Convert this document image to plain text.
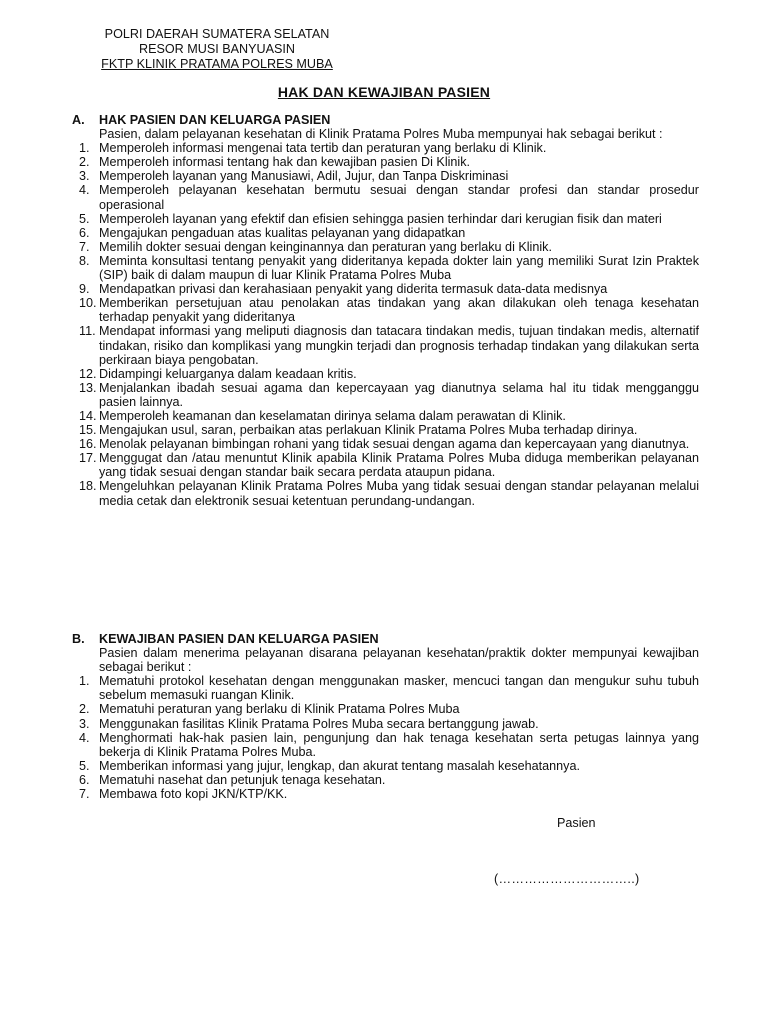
POLRI DAERAH SUMATERA SELATAN
RESOR MUSI BANYUASIN
FKTP KLINIK PRATAMA POLRES MUBA
HAK DAN KEWAJIBAN PASIEN
A.	HAK PASIEN DAN KELUARGA PASIEN
Pasien, dalam pelayanan kesehatan di Klinik Pratama Polres Muba mempunyai hak sebagai berikut :
1. Memperoleh informasi mengenai tata tertib dan peraturan yang berlaku di Klinik.
2. Memperoleh informasi tentang hak dan kewajiban pasien Di Klinik.
3. Memperoleh layanan yang Manusiawi, Adil, Jujur, dan Tanpa Diskriminasi
4. Memperoleh pelayanan kesehatan bermutu sesuai dengan standar profesi dan standar prosedur operasional
5. Memperoleh layanan yang efektif dan efisien sehingga pasien terhindar dari kerugian fisik dan materi
6. Mengajukan pengaduan atas kualitas pelayanan yang didapatkan
7. Memilih dokter sesuai dengan keinginannya dan peraturan yang berlaku di Klinik.
8. Meminta konsultasi tentang penyakit yang dideritanya kepada dokter lain yang memiliki Surat Izin Praktek (SIP) baik di dalam maupun di luar Klinik Pratama Polres Muba
9. Mendapatkan privasi dan kerahasiaan penyakit yang diderita termasuk data-data medisnya
10. Memberikan persetujuan atau penolakan atas tindakan yang akan dilakukan oleh tenaga kesehatan terhadap penyakit yang dideritanya
11. Mendapat informasi yang meliputi diagnosis dan tatacara tindakan medis, tujuan tindakan medis, alternatif tindakan, risiko dan komplikasi yang mungkin terjadi dan prognosis terhadap tindakan yang dilakukan serta perkiraan biaya pengobatan.
12. Didampingi keluarganya dalam keadaan kritis.
13. Menjalankan ibadah sesuai agama dan kepercayaan yag dianutnya selama hal itu tidak mengganggu pasien lainnya.
14. Memperoleh keamanan dan keselamatan dirinya selama dalam perawatan di Klinik.
15. Mengajukan usul, saran, perbaikan atas perlakuan Klinik Pratama Polres Muba terhadap dirinya.
16. Menolak pelayanan bimbingan rohani yang tidak sesuai dengan agama dan kepercayaan yang dianutnya.
17. Menggugat dan /atau menuntut Klinik apabila Klinik Pratama Polres Muba diduga memberikan pelayanan yang tidak sesuai dengan standar baik secara perdata ataupun pidana.
18. Mengeluhkan pelayanan Klinik Pratama Polres Muba yang tidak sesuai dengan standar pelayanan melalui media cetak dan elektronik sesuai ketentuan perundang-undangan.
B.	KEWAJIBAN PASIEN DAN KELUARGA PASIEN
Pasien dalam menerima pelayanan disarana pelayanan kesehatan/praktik dokter mempunyai kewajiban sebagai berikut :
1. Mematuhi protokol kesehatan dengan menggunakan masker, mencuci tangan dan mengukur suhu tubuh sebelum memasuki ruangan Klinik.
2. Mematuhi peraturan yang berlaku di Klinik Pratama Polres Muba
3. Menggunakan fasilitas Klinik Pratama Polres Muba secara bertanggung jawab.
4. Menghormati hak-hak pasien lain, pengunjung dan hak tenaga kesehatan serta petugas lainnya yang bekerja di Klinik Pratama Polres Muba.
5. Memberikan informasi yang jujur, lengkap, dan akurat tentang masalah kesehatannya.
6. Mematuhi nasehat dan petunjuk tenaga kesehatan.
7. Membawa foto kopi JKN/KTP/KK.
Pasien
(…………………………..)
